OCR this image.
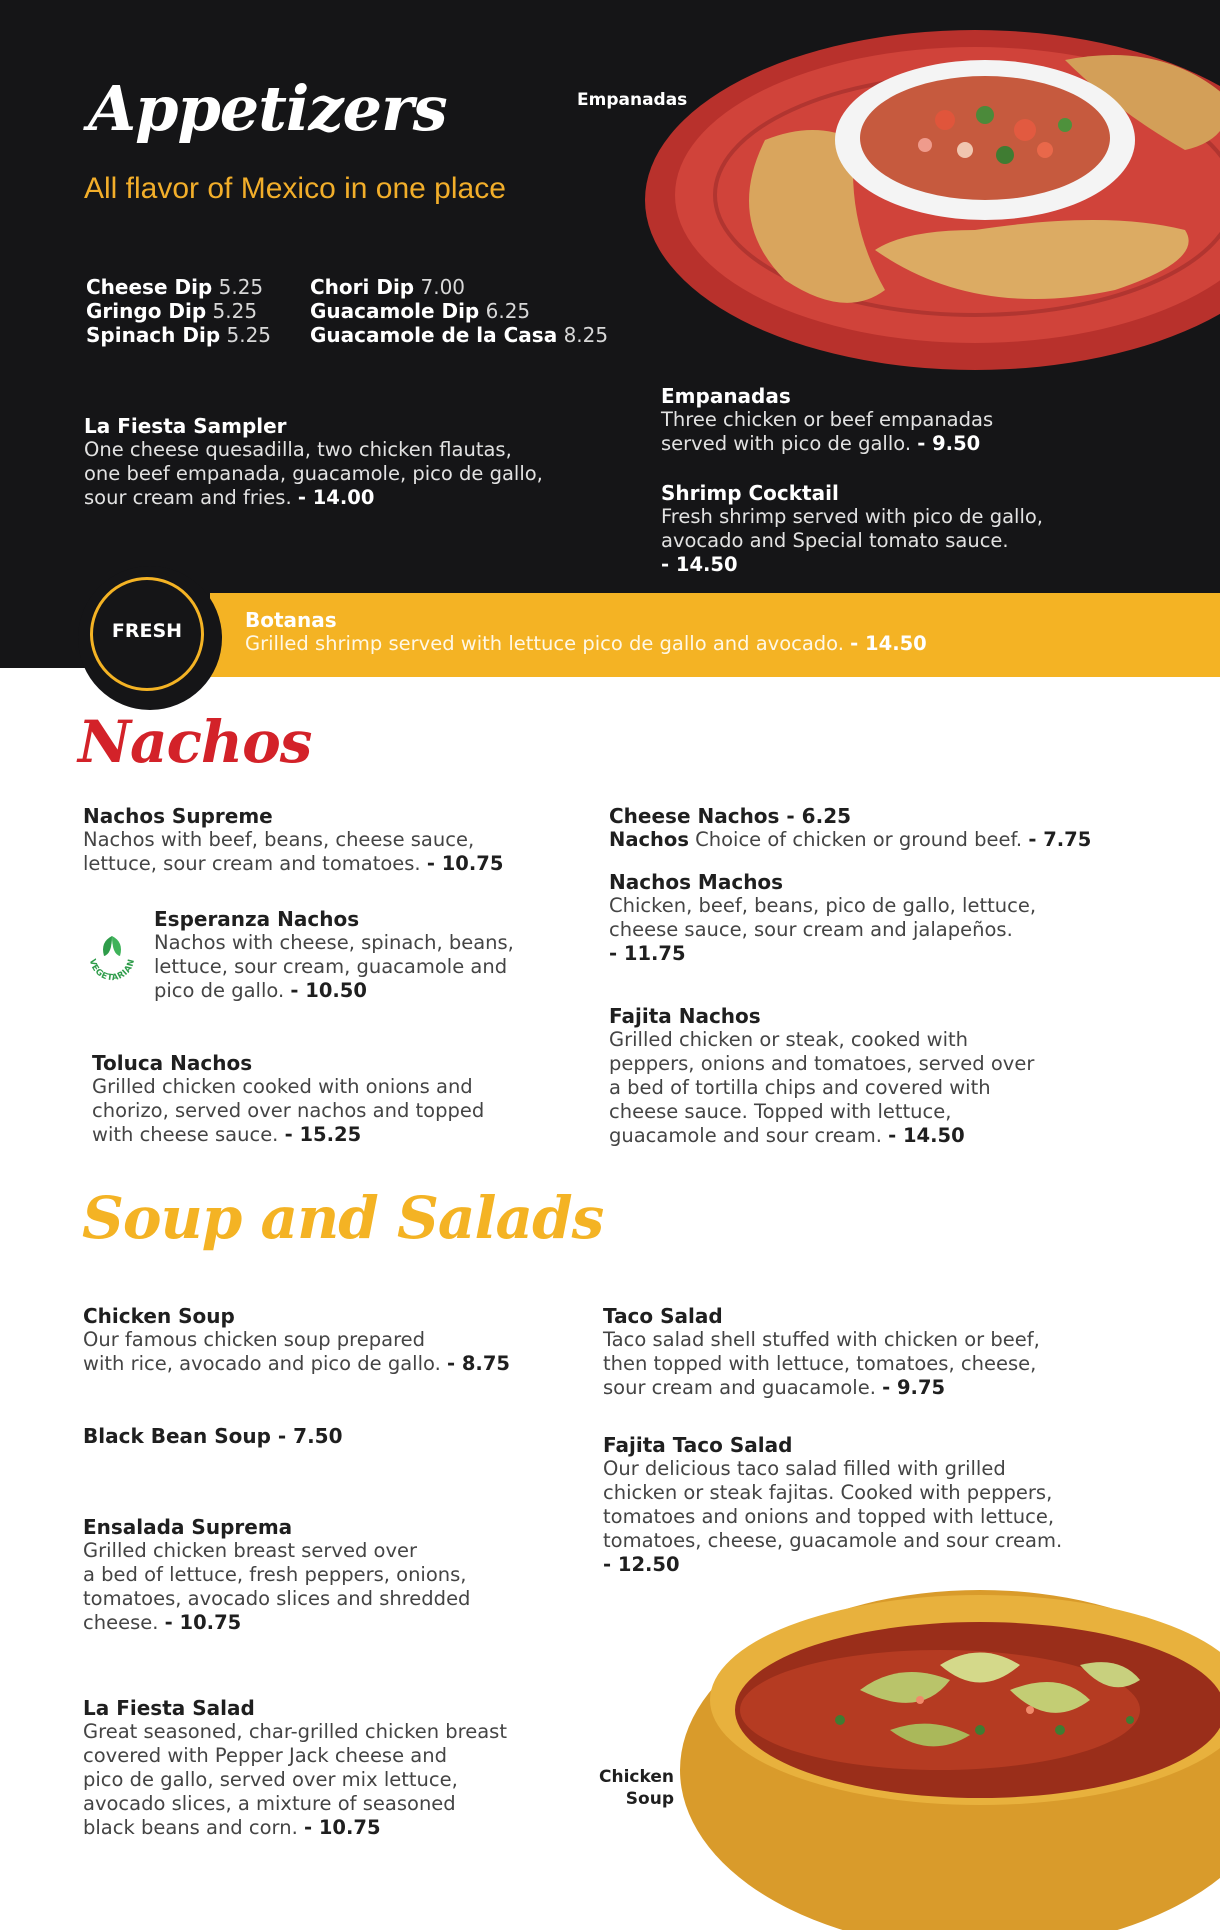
Empanadas
Appetizers
All flavor of Mexico in one place
Cheese Dip 5.25
Gringo Dip 5.25
Spinach Dip 5.25
Chori Dip 7.00
Guacamole Dip 6.25
Guacamole de la Casa 8.25
La Fiesta Sampler
One cheese quesadilla, two chicken flautas,
one beef empanada, guacamole, pico de gallo,
sour cream and fries. - 14.00
Empanadas
Three chicken or beef empanadas
served with pico de gallo. - 9.50
Shrimp Cocktail
Fresh shrimp served with pico de gallo,
avocado and Special tomato sauce.
- 14.50
FRESH	Botanas
Grilled shrimp served with lettuce pico de gallo and avocado. - 14.50
Nachos
Nachos Supreme
Nachos with beef, beans, cheese sauce,
lettuce, sour cream and tomatoes. - 10.75
VEGETARIAN
Esperanza Nachos
Nachos with cheese, spinach, beans,
lettuce, sour cream, guacamole and
pico de gallo. - 10.50
Toluca Nachos
Grilled chicken cooked with onions and
chorizo, served over nachos and topped
with cheese sauce. - 15.25
Cheese Nachos - 6.25
Nachos Choice of chicken or ground beef. - 7.75
Nachos Machos
Chicken, beef, beans, pico de gallo, lettuce,
cheese sauce, sour cream and jalapeños.
- 11.75
Fajita Nachos
Grilled chicken or steak, cooked with
peppers, onions and tomatoes, served over
a bed of tortilla chips and covered with
cheese sauce. Topped with lettuce,
guacamole and sour cream. - 14.50
Soup and Salads
Chicken Soup
Our famous chicken soup prepared
with rice, avocado and pico de gallo. - 8.75
Black Bean Soup - 7.50
Ensalada Suprema
Grilled chicken breast served over
a bed of lettuce, fresh peppers, onions,
tomatoes, avocado slices and shredded
cheese. - 10.75
La Fiesta Salad
Great seasoned, char-grilled chicken breast
covered with Pepper Jack cheese and
pico de gallo, served over mix lettuce,
avocado slices, a mixture of seasoned
black beans and corn. - 10.75
Taco Salad
Taco salad shell stuffed with chicken or beef,
then topped with lettuce, tomatoes, cheese,
sour cream and guacamole. - 9.75
Fajita Taco Salad
Our delicious taco salad filled with grilled
chicken or steak fajitas. Cooked with peppers,
tomatoes and onions and topped with lettuce,
tomatoes, cheese, guacamole and sour cream.
- 12.50
Chicken
Soup
